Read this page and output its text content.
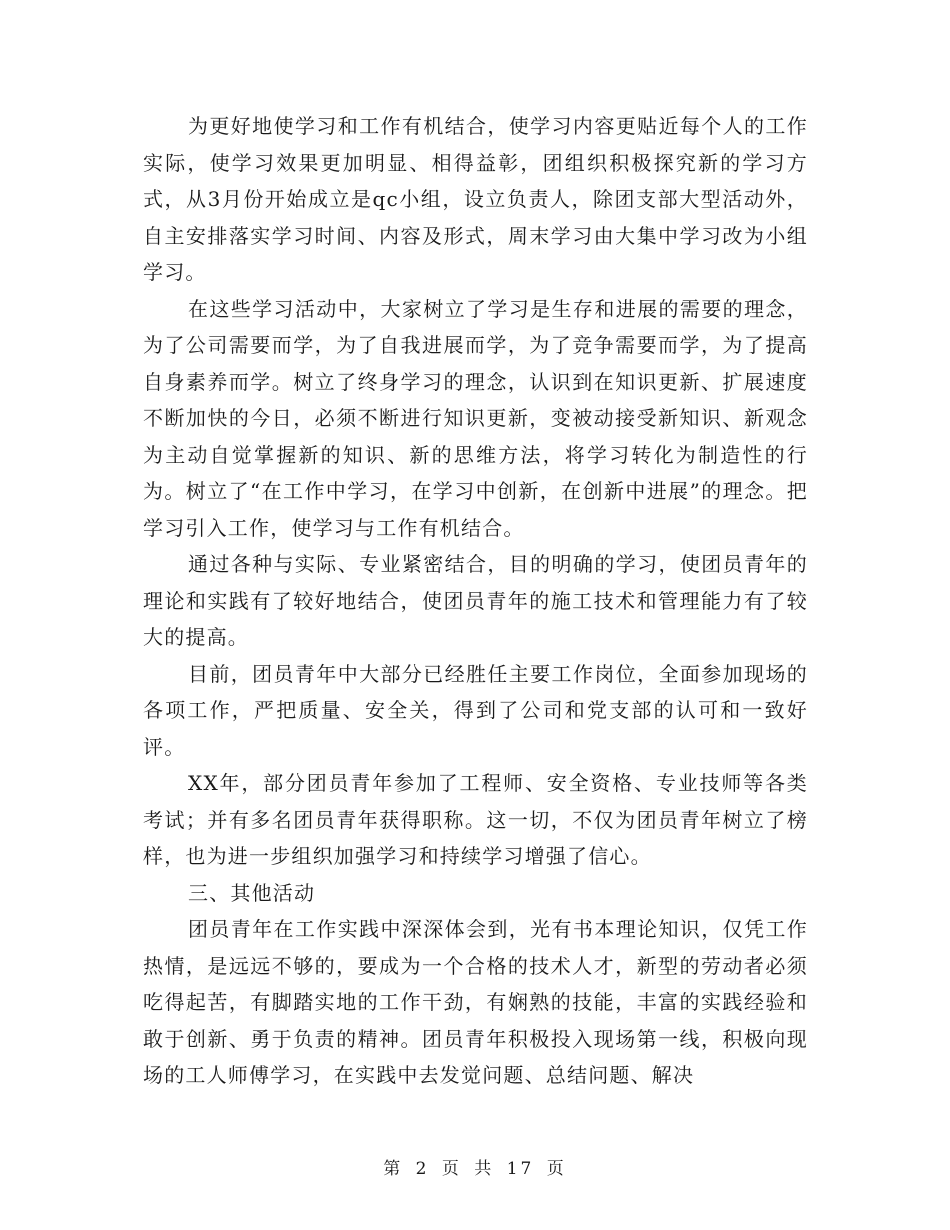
为更好地使学习和工作有机结合，使学习内容更贴近每个人的工作实际，使学习效果更加明显、相得益彰，团组织积极探究新的学习方式，从3月份开始成立是qc小组，设立负责人，除团支部大型活动外，自主安排落实学习时间、内容及形式，周末学习由大集中学习改为小组学习。

在这些学习活动中，大家树立了学习是生存和进展的需要的理念，为了公司需要而学，为了自我进展而学，为了竞争需要而学，为了提高自身素养而学。树立了终身学习的理念，认识到在知识更新、扩展速度不断加快的今日，必须不断进行知识更新，变被动接受新知识、新观念为主动自觉掌握新的知识、新的思维方法，将学习转化为制造性的行为。树立了“在工作中学习，在学习中创新，在创新中进展”的理念。把学习引入工作，使学习与工作有机结合。

通过各种与实际、专业紧密结合，目的明确的学习，使团员青年的理论和实践有了较好地结合，使团员青年的施工技术和管理能力有了较大的提高。

目前，团员青年中大部分已经胜任主要工作岗位，全面参加现场的各项工作，严把质量、安全关，得到了公司和党支部的认可和一致好评。

XX年，部分团员青年参加了工程师、安全资格、专业技师等各类考试；并有多名团员青年获得职称。这一切，不仅为团员青年树立了榜样，也为进一步组织加强学习和持续学习增强了信心。

三、其他活动

团员青年在工作实践中深深体会到，光有书本理论知识，仅凭工作热情，是远远不够的，要成为一个合格的技术人才，新型的劳动者必须吃得起苦，有脚踏实地的工作干劲，有娴熟的技能，丰富的实践经验和敢于创新、勇于负责的精神。团员青年积极投入现场第一线，积极向现场的工人师傅学习，在实践中去发觉问题、总结问题、解决

第 2 页 共 17 页
